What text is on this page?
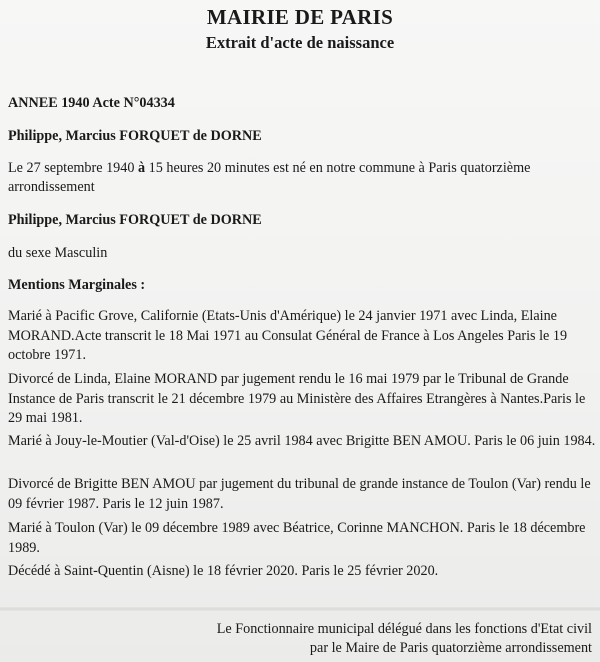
MAIRIE DE PARIS
Extrait d'acte de naissance
ANNEE 1940 Acte N°04334
Philippe, Marcius FORQUET de DORNE
Le 27 septembre 1940 à 15 heures 20 minutes est né en notre commune à Paris quatorzième
arrondissement
Philippe, Marcius FORQUET de DORNE
du sexe Masculin
Mentions Marginales :
Marié à Pacific Grove, Californie (Etats-Unis d'Amérique) le 24 janvier 1971 avec Linda, Elaine MORAND.Acte transcrit le 18 Mai 1971 au Consulat Général de France à Los Angeles Paris le 19 octobre 1971.
Divorcé de Linda, Elaine MORAND par jugement rendu le 16 mai 1979 par le Tribunal de Grande Instance de Paris transcrit le 21 décembre 1979 au Ministère des Affaires Etrangères à Nantes.Paris le 29 mai 1981.
Marié à Jouy-le-Moutier (Val-d'Oise) le 25 avril 1984 avec Brigitte BEN AMOU. Paris le 06 juin 1984.
Divorcé de Brigitte BEN AMOU par jugement du tribunal de grande instance de Toulon (Var) rendu le 09 février 1987. Paris le 12 juin 1987.
Marié à Toulon (Var) le 09 décembre 1989 avec Béatrice, Corinne MANCHON. Paris le 18 décembre 1989.
Décédé à Saint-Quentin (Aisne) le 18 février 2020. Paris le 25 février 2020.
Le Fonctionnaire municipal délégué dans les fonctions d'Etat civil
par le Maire de Paris quatorzième arrondissement
